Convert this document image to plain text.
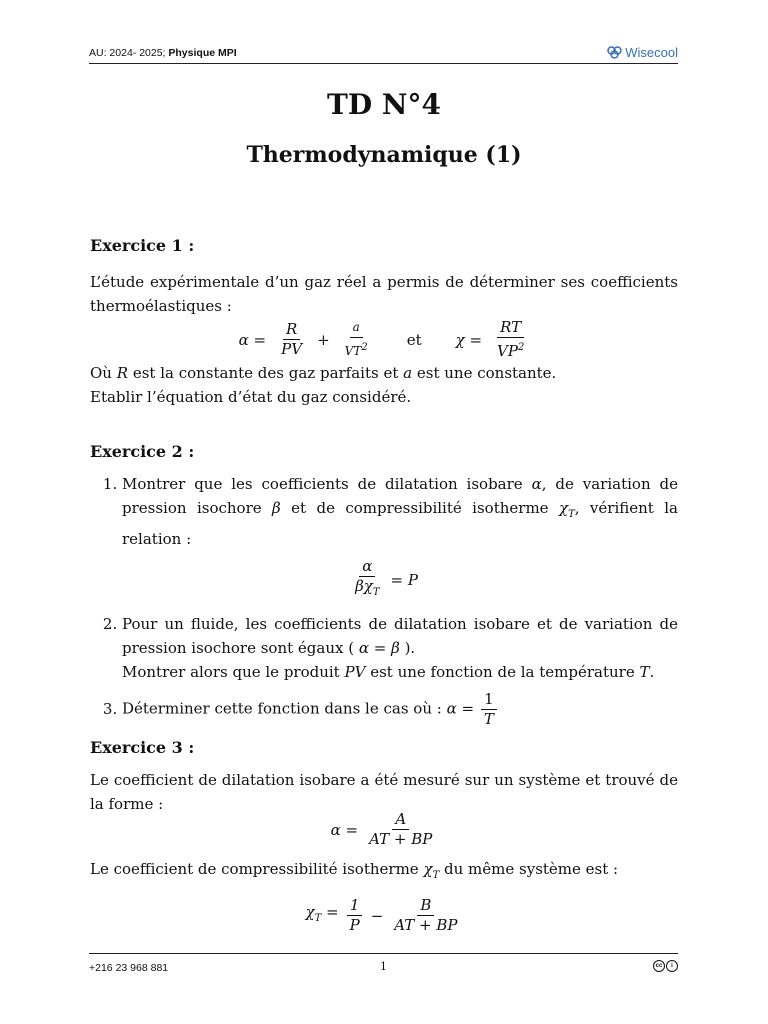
AU: 2024- 2025; Physique MPI	Wisecool
TD N°4
Thermodynamique (1)
Exercice 1 :

L’étude expérimentale d’un gaz réel a permis de déterminer ses coefficients thermoélastiques :

$\alpha = \frac{R}{PV} + \frac{a}{VT^2}$ et $\chi = \frac{RT}{VP^2}$

Où R est la constante des gaz parfaits et a est une constante.

Etablir l’équation d’état du gaz considéré.

Exercice 2 :
1. Montrer que les coefficients de dilatation isobare α, de variation de pression isochore β et de compressibilité isotherme $\chi_T$, vérifient la relation :
$\frac{\alpha}{\beta\chi_T} = P$
2. Pour un fluide, les coefficients de dilatation isobare et de variation de pression isochore sont égaux ( α = β ).
Montrer alors que le produit PV est une fonction de la température T.
3. Déterminer cette fonction dans le cas où : $\alpha = \frac{1}{T}$
Exercice 3 :

Le coefficient de dilatation isobare a été mesuré sur un système et trouvé de la forme :

$\alpha = \frac{A}{AT + BP}$

Le coefficient de compressibilité isotherme $\chi_T$ du même système est :

$\chi_T = \frac{1}{P} - \frac{B}{AT + BP}$
+216 23 968 881	1	cc	i
